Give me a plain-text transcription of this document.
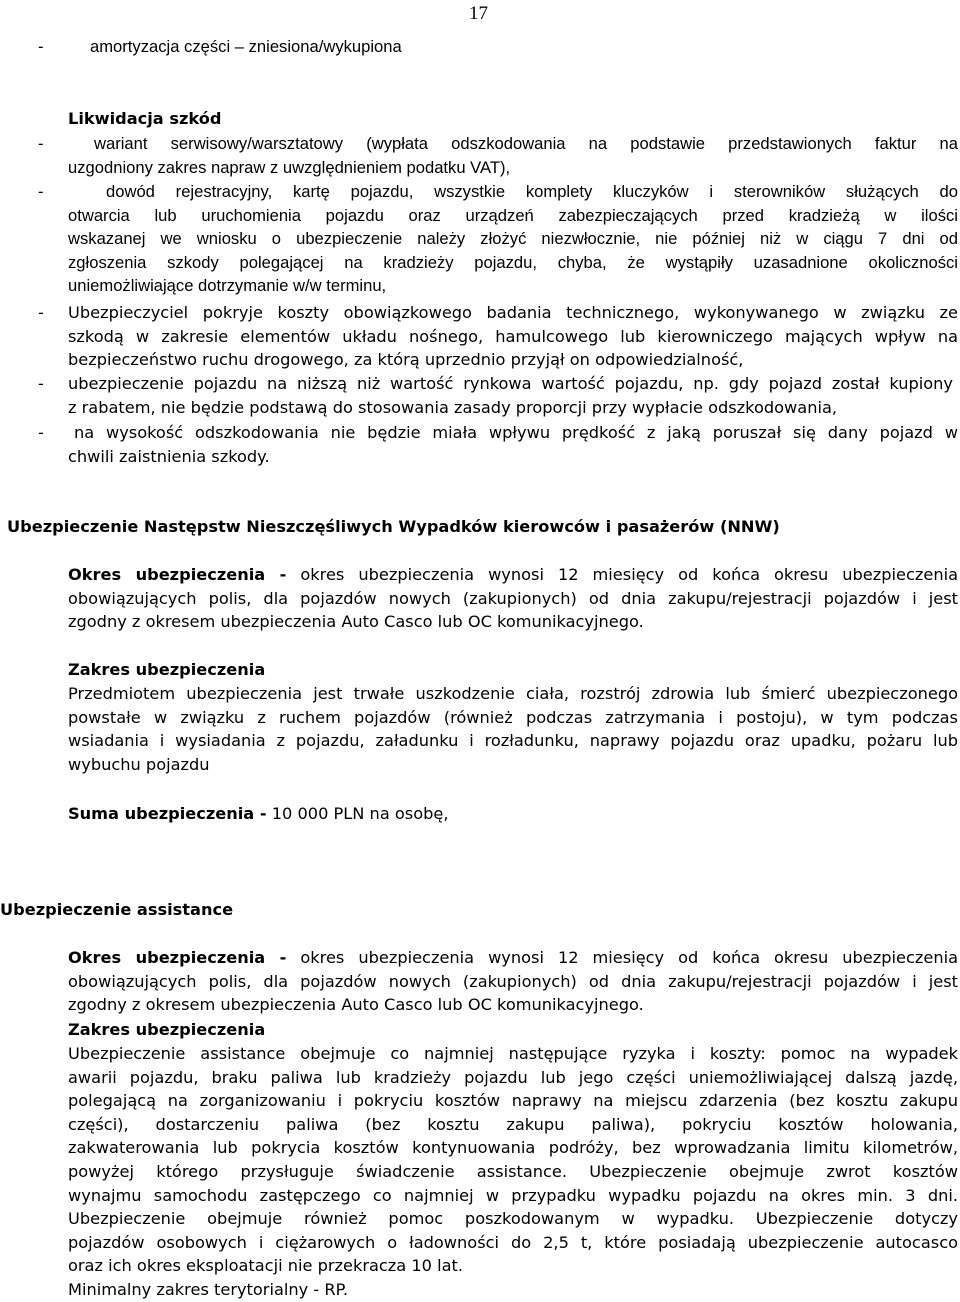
17
-	amortyzacja części – zniesiona/wykupiona
Likwidacja szkód
-	wariant serwisowy/warsztatowy (wypłata odszkodowania na podstawie przedstawionych faktur na
uzgodniony zakres napraw z uwzględnieniem podatku VAT),
-	dowód rejestracyjny, kartę pojazdu, wszystkie komplety kluczyków i sterowników służących do
otwarcia lub uruchomienia pojazdu oraz urządzeń zabezpieczających przed kradzieżą w ilości
wskazanej we wniosku o ubezpieczenie należy złożyć niezwłocznie, nie później niż w ciągu 7 dni od
zgłoszenia szkody polegającej na kradzieży pojazdu, chyba, że wystąpiły uzasadnione okoliczności
uniemożliwiające dotrzymanie w/w terminu,
- Ubezpieczyciel pokryje koszty obowiązkowego badania technicznego, wykonywanego w związku ze
szkodą w zakresie elementów układu nośnego, hamulcowego lub kierowniczego mających wpływ na
bezpieczeństwo ruchu drogowego, za którą uprzednio przyjął on odpowiedzialność,
- ubezpieczenie pojazdu na niższą niż wartość rynkowa wartość pojazdu, np. gdy pojazd został kupiony
z rabatem, nie będzie podstawą do stosowania zasady proporcji przy wypłacie odszkodowania,
-	na wysokość odszkodowania nie będzie miała wpływu prędkość z jaką poruszał się dany pojazd w
chwili zaistnienia szkody.
Ubezpieczenie Następstw Nieszczęśliwych Wypadków kierowców i pasażerów (NNW)
Okres ubezpieczenia - okres ubezpieczenia wynosi 12 miesięcy od końca okresu ubezpieczenia
obowiązujących polis, dla pojazdów nowych (zakupionych) od dnia zakupu/rejestracji pojazdów i jest
zgodny z okresem ubezpieczenia Auto Casco lub OC komunikacyjnego.
Zakres ubezpieczenia
Przedmiotem ubezpieczenia jest trwałe uszkodzenie ciała, rozstrój zdrowia lub śmierć ubezpieczonego
powstałe w związku z ruchem pojazdów (również podczas zatrzymania i postoju), w tym podczas
wsiadania i wysiadania z pojazdu, załadunku i rozładunku, naprawy pojazdu oraz upadku, pożaru lub
wybuchu pojazdu
Suma ubezpieczenia - 10 000 PLN na osobę,
Ubezpieczenie assistance
Okres ubezpieczenia - okres ubezpieczenia wynosi 12 miesięcy od końca okresu ubezpieczenia
obowiązujących polis, dla pojazdów nowych (zakupionych) od dnia zakupu/rejestracji pojazdów i jest
zgodny z okresem ubezpieczenia Auto Casco lub OC komunikacyjnego.
Zakres ubezpieczenia
Ubezpieczenie assistance obejmuje co najmniej następujące ryzyka i koszty: pomoc na wypadek
awarii pojazdu, braku paliwa lub kradzieży pojazdu lub jego części uniemożliwiającej dalszą jazdę,
polegającą na zorganizowaniu i pokryciu kosztów naprawy na miejscu zdarzenia (bez kosztu zakupu
części), dostarczeniu paliwa (bez kosztu zakupu paliwa), pokryciu kosztów holowania,
zakwaterowania lub pokrycia kosztów kontynuowania podróży, bez wprowadzania limitu kilometrów,
powyżej którego przysługuje świadczenie assistance. Ubezpieczenie obejmuje zwrot kosztów
wynajmu samochodu zastępczego co najmniej w przypadku wypadku pojazdu na okres min. 3 dni.
Ubezpieczenie obejmuje również pomoc poszkodowanym w wypadku. Ubezpieczenie dotyczy
pojazdów osobowych i ciężarowych o ładowności do 2,5 t, które posiadają ubezpieczenie autocasco
oraz ich okres eksploatacji nie przekracza 10 lat.
Minimalny zakres terytorialny - RP.
